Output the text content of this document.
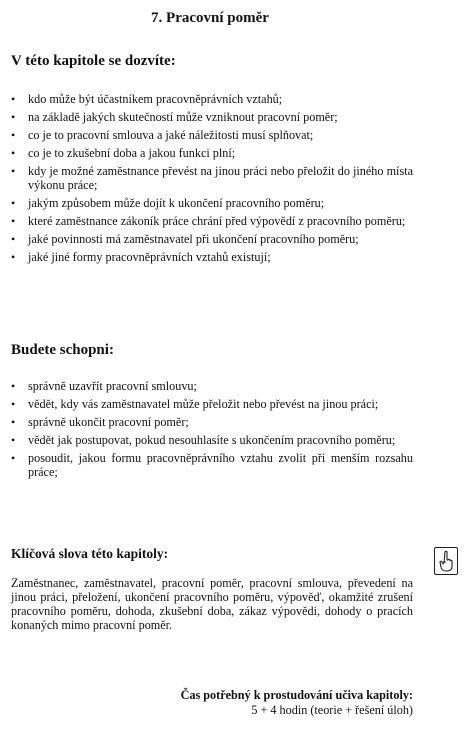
7. Pracovní poměr
V této kapitole se dozvíte:
• kdo může být účastníkem pracovněprávních vztahů;
• na základě jakých skutečností může vzniknout pracovní poměr;
• co je to pracovní smlouva a jaké náležitosti musí splňovat;
• co je to zkušební doba a jakou funkci plní;
• kdy je možné zaměstnance převést na jinou práci nebo přeložit do jiného místa výkonu práce;
• jakým způsobem může dojít k ukončení pracovního poměru;
• které zaměstnance zákoník práce chrání před výpovědí z pracovního poměru;
• jaké povinnosti má zaměstnavatel při ukončení pracovního poměru;
• jaké jiné formy pracovněprávních vztahů existují;
Budete schopni:
• správně uzavřít pracovní smlouvu;
• vědět, kdy vás zaměstnavatel může přeložit nebo převést na jinou práci;
• správně ukončit pracovní poměr;
• vědět jak postupovat, pokud nesouhlasíte s ukončením pracovního poměru;
• posoudit, jakou formu pracovněprávního vztahu zvolit při menším rozsahu práce;
Klíčová slova této kapitoly:

Zaměstnanec, zaměstnavatel, pracovní poměr, pracovní smlouva, převedení na jinou práci, přeložení, ukončení pracovního poměru, výpověď, okamžité zrušení pracovního poměru, dohoda, zkušební doba, zákaz výpovědi, dohody o pracích konaných mimo pracovní poměr.

Čas potřebný k prostudování učiva kapitoly:
5 + 4 hodin (teorie + řešení úloh)
